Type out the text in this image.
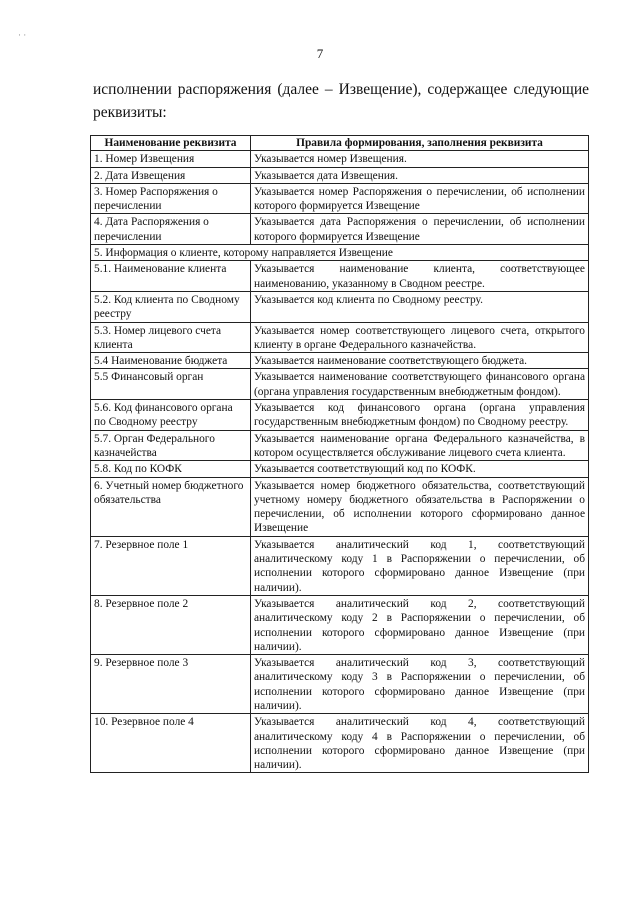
· ·
7
исполнении распоряжения (далее – Извещение), содержащее следующие реквизиты:
Наименование реквизита	Правила формирования, заполнения реквизита
1. Номер Извещения	Указывается номер Извещения.
2. Дата Извещения	Указывается дата Извещения.
3. Номер Распоряжения о перечислении	Указывается номер Распоряжения о перечислении, об исполнении которого формируется Извещение
4. Дата Распоряжения о перечислении	Указывается дата Распоряжения о перечислении, об исполнении которого формируется Извещение
5. Информация о клиенте, которому направляется Извещение	
5.1. Наименование клиента	Указывается наименование клиента, соответствующее наименованию, указанному в Сводном реестре.
5.2. Код клиента по Сводному реестру	Указывается код клиента по Сводному реестру.
5.3. Номер лицевого счета клиента	Указывается номер соответствующего лицевого счета, открытого клиенту в органе Федерального казначейства.
5.4 Наименование бюджета	Указывается наименование соответствующего бюджета.
5.5 Финансовый орган	Указывается наименование соответствующего финансового органа (органа управления государственным внебюджетным фондом).
5.6. Код финансового органа по Сводному реестру	Указывается код финансового органа (органа управления государственным внебюджетным фондом) по Сводному реестру.
5.7. Орган Федерального казначейства	Указывается наименование органа Федерального казначейства, в котором осуществляется обслуживание лицевого счета клиента.
5.8. Код по КОФК	Указывается соответствующий код по КОФК.
6. Учетный номер бюджетного обязательства	Указывается номер бюджетного обязательства, соответствующий учетному номеру бюджетного обязательства в Распоряжении о перечислении, об исполнении которого сформировано данное Извещение
7. Резервное поле 1	Указывается аналитический код 1, соответствующий аналитическому коду 1 в Распоряжении о перечислении, об исполнении которого сформировано данное Извещение (при наличии).
8. Резервное поле 2	Указывается аналитический код 2, соответствующий аналитическому коду 2 в Распоряжении о перечислении, об исполнении которого сформировано данное Извещение (при наличии).
9. Резервное поле 3	Указывается аналитический код 3, соответствующий аналитическому коду 3 в Распоряжении о перечислении, об исполнении которого сформировано данное Извещение (при наличии).
10. Резервное поле 4	Указывается аналитический код 4, соответствующий аналитическому коду 4 в Распоряжении о перечислении, об исполнении которого сформировано данное Извещение (при наличии).
